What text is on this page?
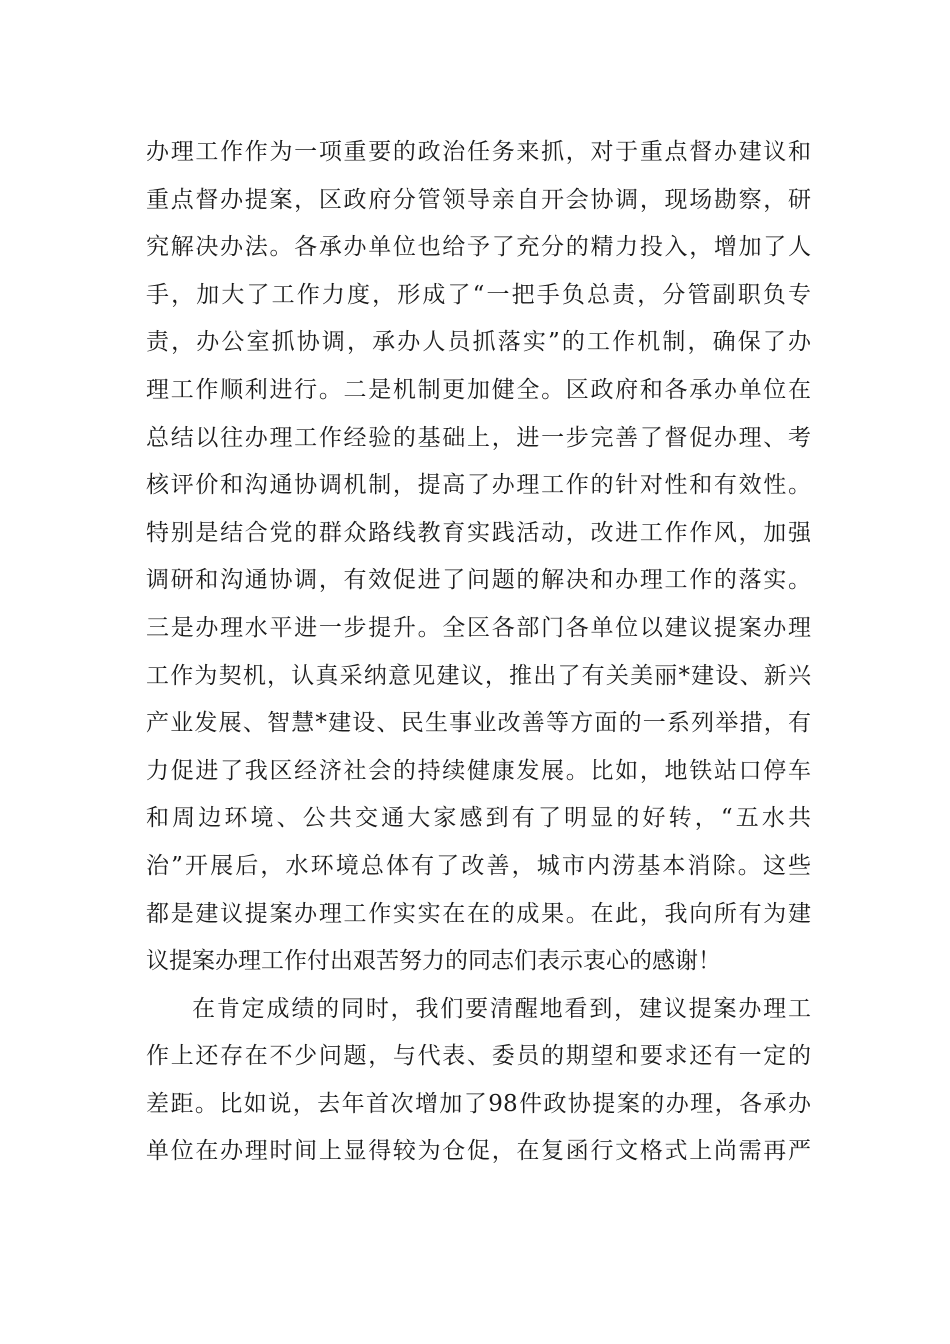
办理工作作为一项重要的政治任务来抓，对于重点督办建议和
重点督办提案，区政府分管领导亲自开会协调，现场勘察，研
究解决办法。各承办单位也给予了充分的精力投入，增加了人
手，加大了工作力度，形成了“一把手负总责，分管副职负专
责，办公室抓协调，承办人员抓落实”的工作机制，确保了办
理工作顺利进行。二是机制更加健全。区政府和各承办单位在
总结以往办理工作经验的基础上，进一步完善了督促办理、考
核评价和沟通协调机制，提高了办理工作的针对性和有效性。
特别是结合党的群众路线教育实践活动，改进工作作风，加强
调研和沟通协调，有效促进了问题的解决和办理工作的落实。
三是办理水平进一步提升。全区各部门各单位以建议提案办理
工作为契机，认真采纳意见建议，推出了有关美丽*建设、新兴
产业发展、智慧*建设、民生事业改善等方面的一系列举措，有
力促进了我区经济社会的持续健康发展。比如，地铁站口停车
和周边环境、公共交通大家感到有了明显的好转，“五水共
治”开展后，水环境总体有了改善，城市内涝基本消除。这些
都是建议提案办理工作实实在在的成果。在此，我向所有为建
议提案办理工作付出艰苦努力的同志们表示衷心的感谢！
在肯定成绩的同时，我们要清醒地看到，建议提案办理工
作上还存在不少问题，与代表、委员的期望和要求还有一定的
差距。比如说，去年首次增加了98件政协提案的办理，各承办
单位在办理时间上显得较为仓促，在复函行文格式上尚需再严
